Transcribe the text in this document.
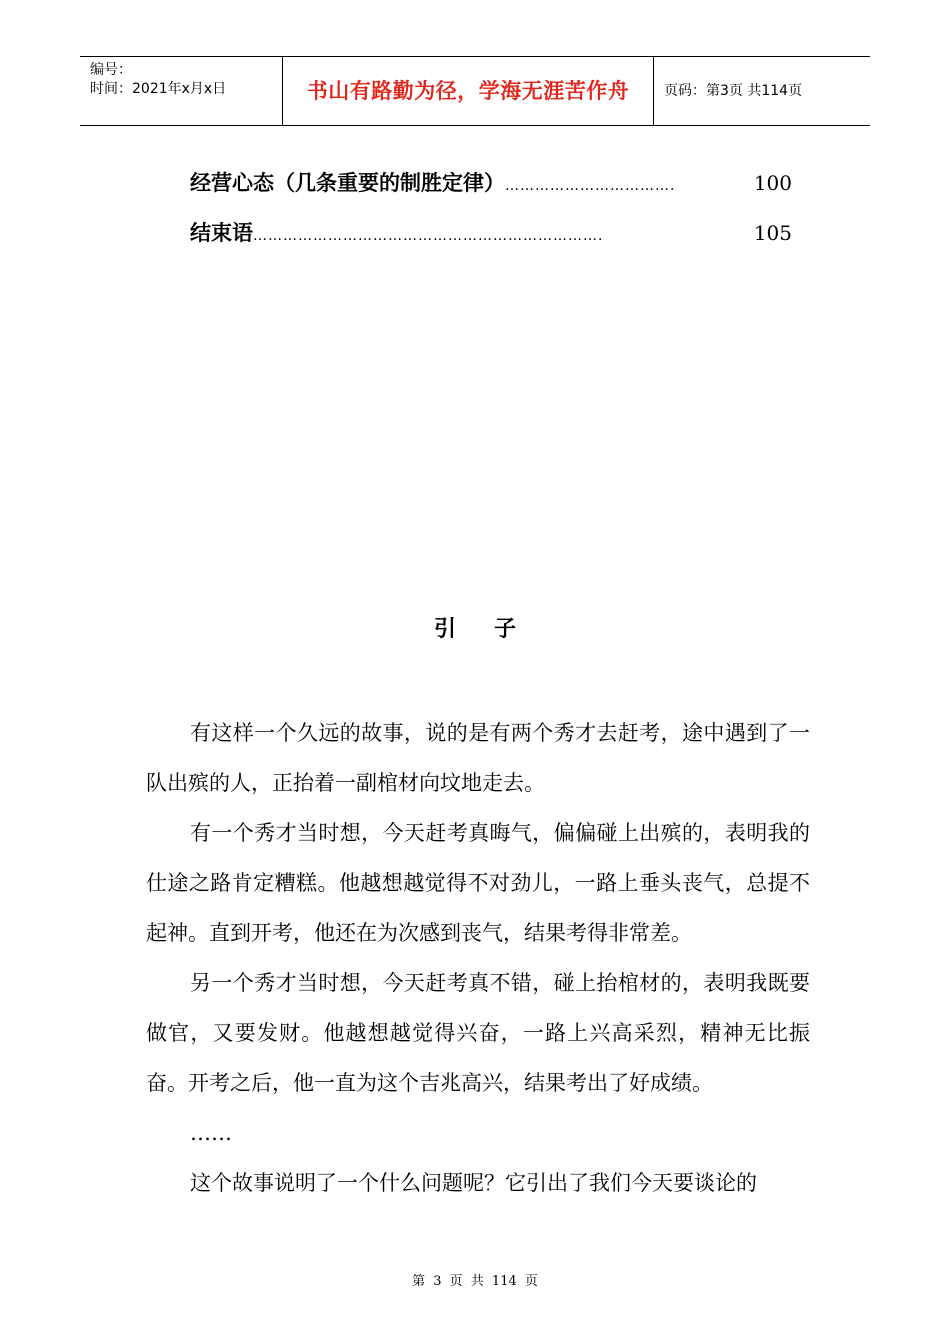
编号：
时间：2021年x月x日	书山有路勤为径，学海无涯苦作舟	页码：第3页 共114页
经营心态（几条重要的制胜定律） …………………………….	100
结束语 …………………………………………………………….	105
引子

有这样一个久远的故事，说的是有两个秀才去赶考，途中遇到了一队出殡的人，正抬着一副棺材向坟地走去。

有一个秀才当时想，今天赶考真晦气，偏偏碰上出殡的，表明我的仕途之路肯定糟糕。他越想越觉得不对劲儿，一路上垂头丧气，总提不起神。直到开考，他还在为次感到丧气，结果考得非常差。

另一个秀才当时想，今天赶考真不错，碰上抬棺材的，表明我既要做官，又要发财。他越想越觉得兴奋，一路上兴高采烈，精神无比振奋。开考之后，他一直为这个吉兆高兴，结果考出了好成绩。

……

这个故事说明了一个什么问题呢？它引出了我们今天要谈论的

第 3 页 共 114 页
